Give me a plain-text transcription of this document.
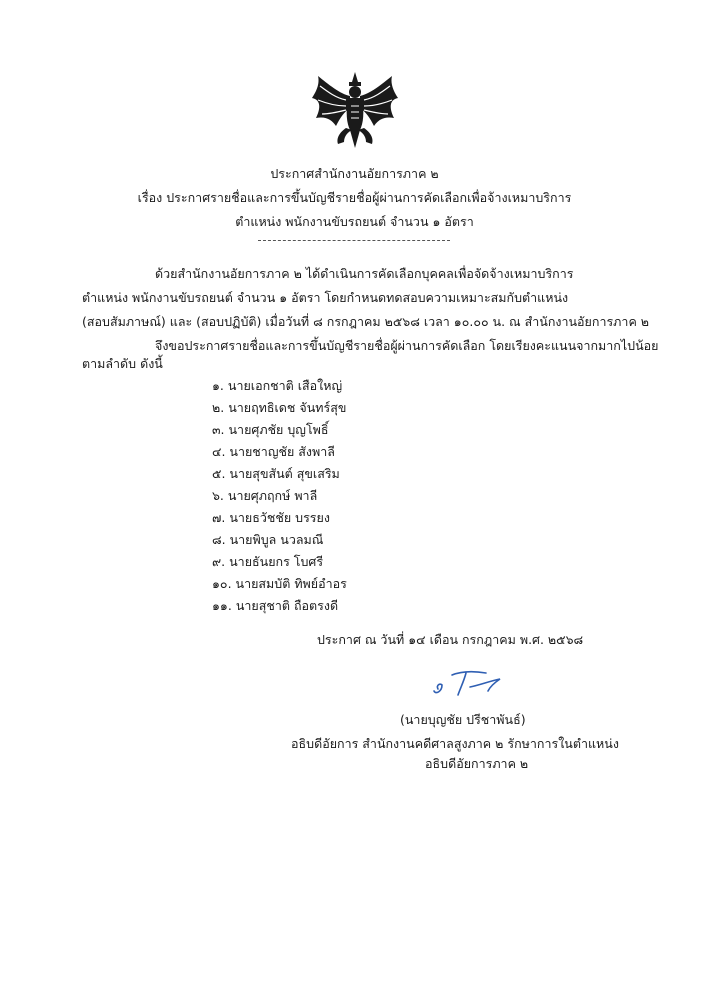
ประกาศสำนักงานอัยการภาค ๒
เรื่อง ประกาศรายชื่อและการขึ้นบัญชีรายชื่อผู้ผ่านการคัดเลือกเพื่อจ้างเหมาบริการ
ตำแหน่ง พนักงานขับรถยนต์ จำนวน ๑ อัตรา
ด้วยสำนักงานอัยการภาค ๒ ได้ดำเนินการคัดเลือกบุคคลเพื่อจัดจ้างเหมาบริการ
ตำแหน่ง พนักงานขับรถยนต์ จำนวน ๑ อัตรา โดยกำหนดทดสอบความเหมาะสมกับตำแหน่ง
(สอบสัมภาษณ์) และ (สอบปฏิบัติ) เมื่อวันที่ ๘ กรกฎาคม ๒๕๖๘ เวลา ๑๐.๐๐ น. ณ สำนักงานอัยการภาค ๒
จึงขอประกาศรายชื่อและการขึ้นบัญชีรายชื่อผู้ผ่านการคัดเลือก โดยเรียงคะแนนจากมากไปน้อย
ตามลำดับ ดังนี้
๑. นายเอกชาติ เสือใหญ่
๒. นายฤทธิเดช จันทร์สุข
๓. นายศุภชัย บุญโพธิ์
๔. นายชาญชัย สังพาลี
๕. นายสุขสันต์ สุขเสริม
๖. นายศุภฤกษ์ พาลี
๗. นายธวัชชัย บรรยง
๘. นายพิบูล นวลมณี
๙. นายธันยกร โบศรี
๑๐. นายสมบัติ ทิพย์อำอร
๑๑. นายสุชาติ ถือตรงดี
ประกาศ ณ วันที่ ๑๔ เดือน กรกฎาคม พ.ศ. ๒๕๖๘
(นายบุญชัย ปรีชาพันธ์)
อธิบดีอัยการ สำนักงานคดีศาลสูงภาค ๒ รักษาการในตำแหน่ง
อธิบดีอัยการภาค ๒
